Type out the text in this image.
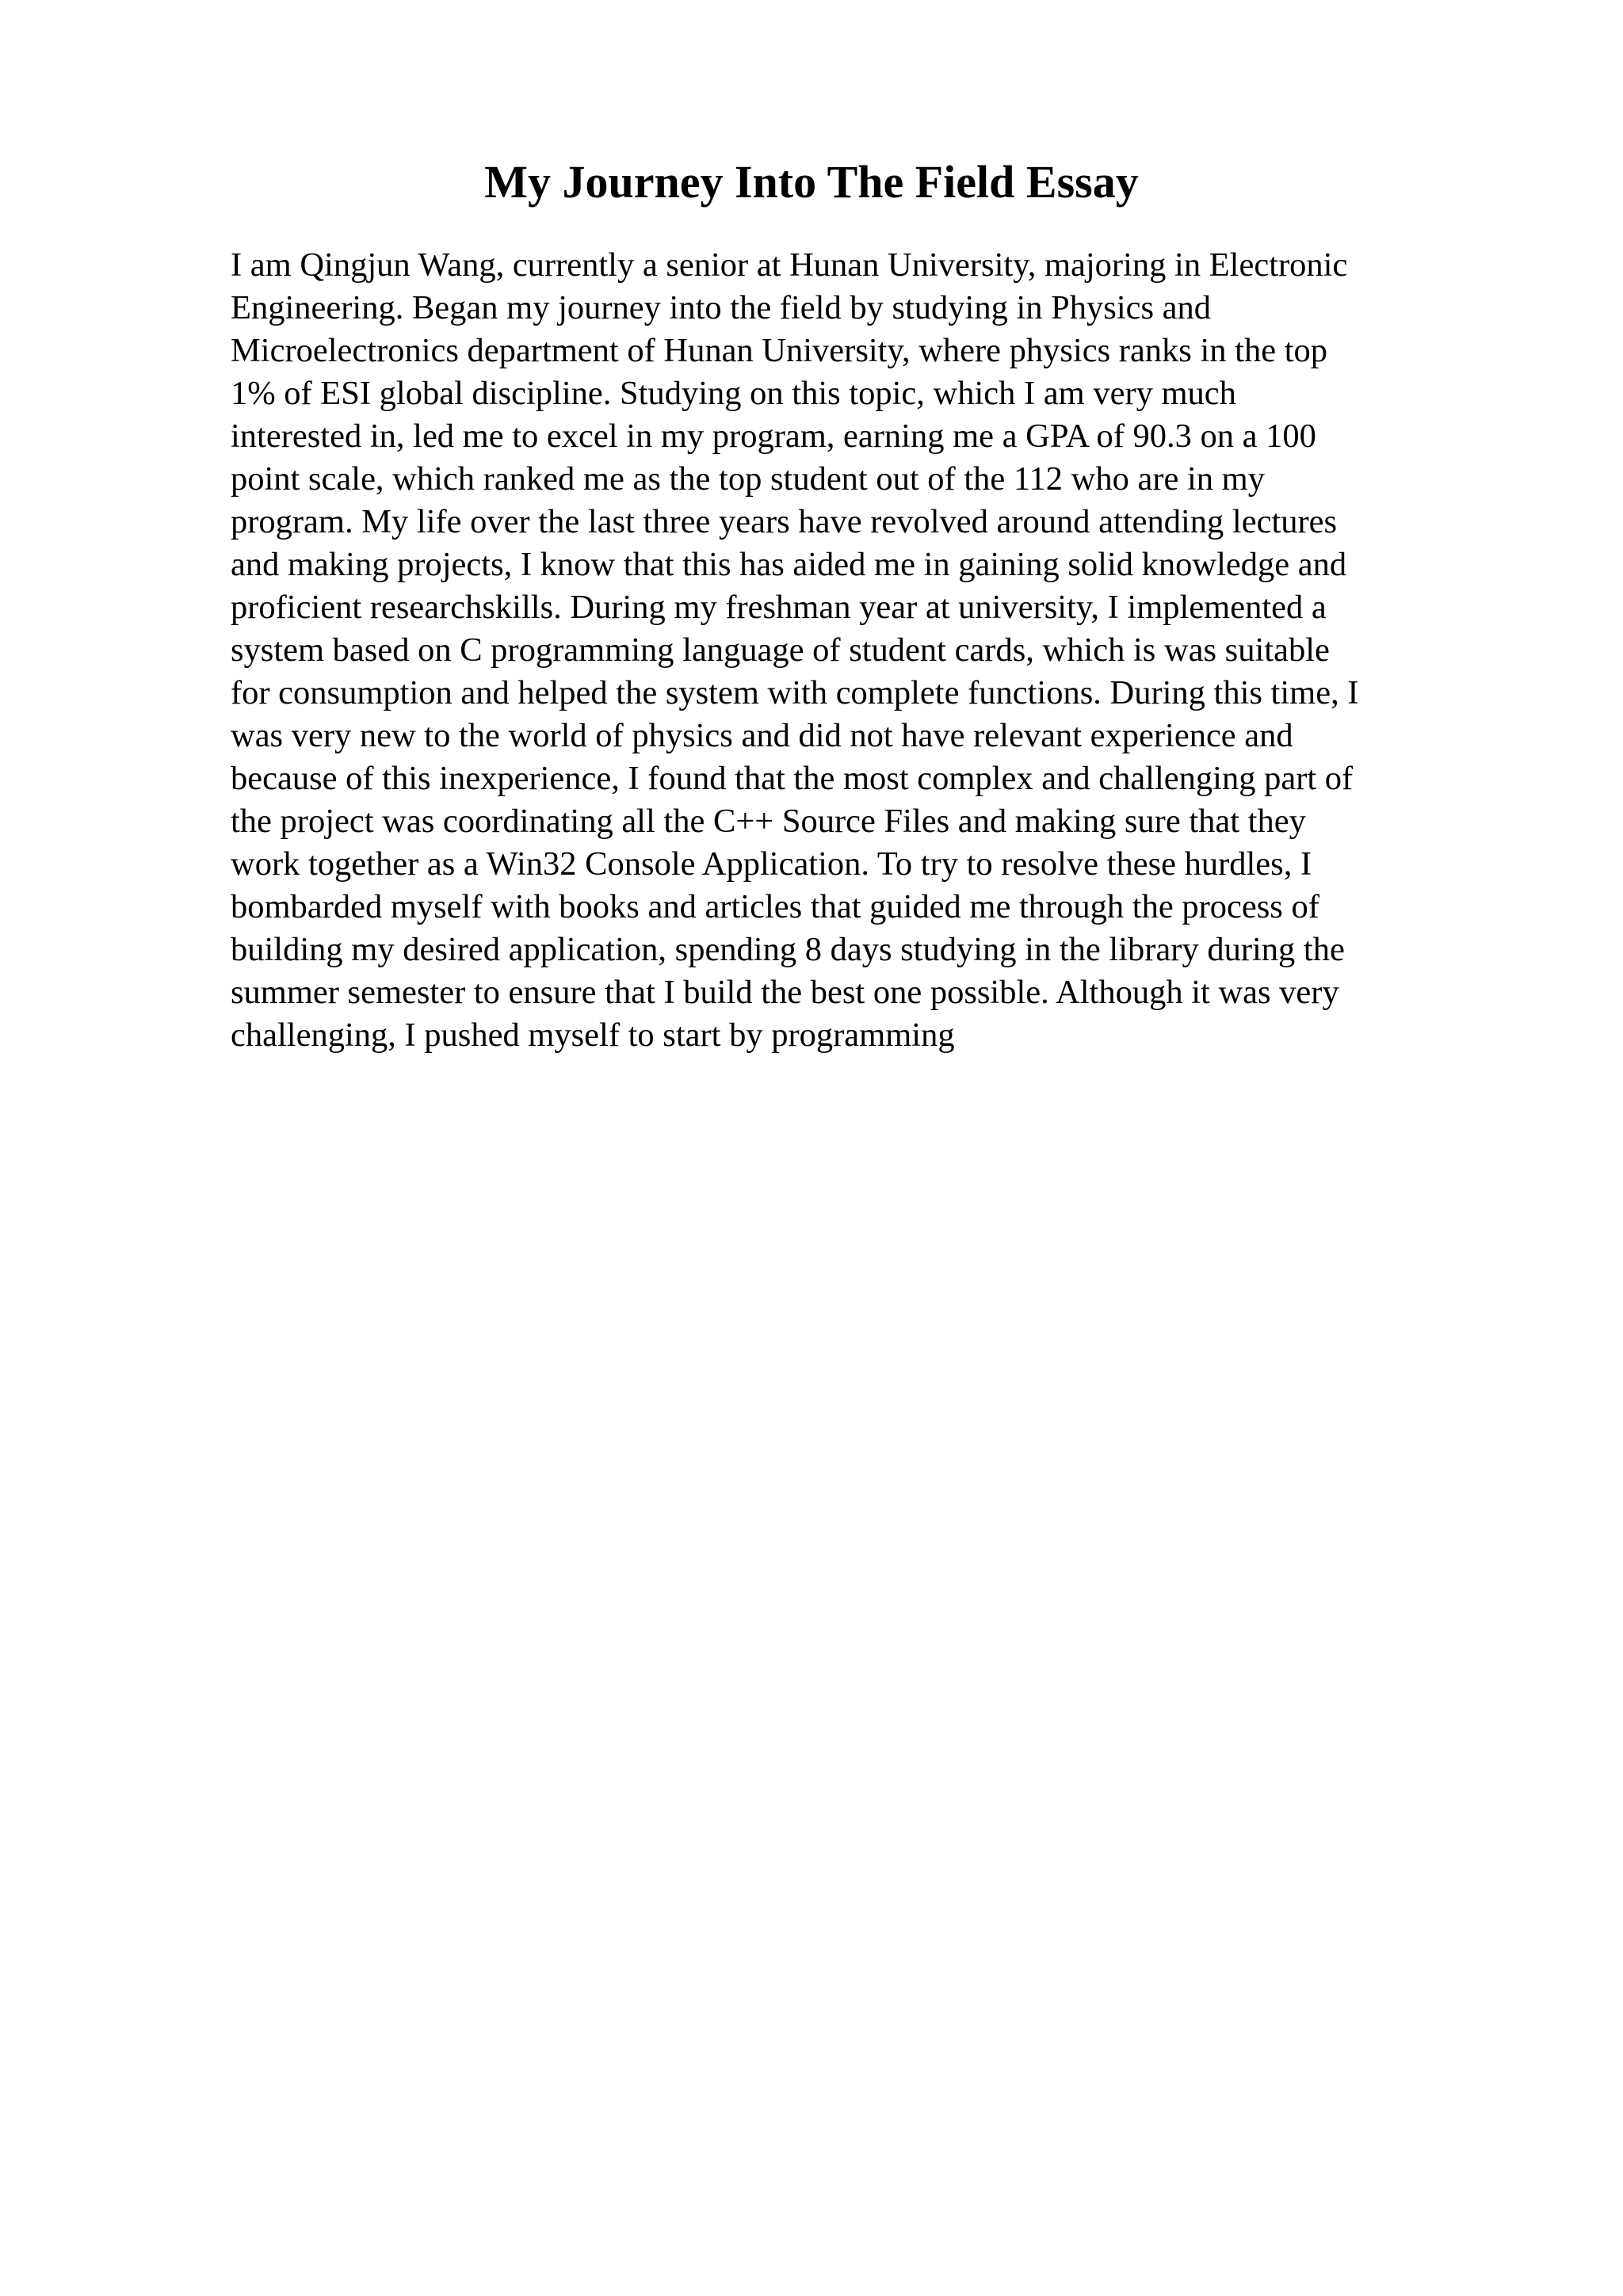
My Journey Into The Field Essay
I am Qingjun Wang, currently a senior at Hunan University, majoring in Electronic
Engineering. Began my journey into the field by studying in Physics and
Microelectronics department of Hunan University, where physics ranks in the top
1% of ESI global discipline. Studying on this topic, which I am very much
interested in, led me to excel in my program, earning me a GPA of 90.3 on a 100
point scale, which ranked me as the top student out of the 112 who are in my
program. My life over the last three years have revolved around attending lectures
and making projects, I know that this has aided me in gaining solid knowledge and
proficient researchskills. During my freshman year at university, I implemented a
system based on C programming language of student cards, which is was suitable
for consumption and helped the system with complete functions. During this time, I
was very new to the world of physics and did not have relevant experience and
because of this inexperience, I found that the most complex and challenging part of
the project was coordinating all the C++ Source Files and making sure that they
work together as a Win32 Console Application. To try to resolve these hurdles, I
bombarded myself with books and articles that guided me through the process of
building my desired application, spending 8 days studying in the library during the
summer semester to ensure that I build the best one possible. Although it was very
challenging, I pushed myself to start by programming
